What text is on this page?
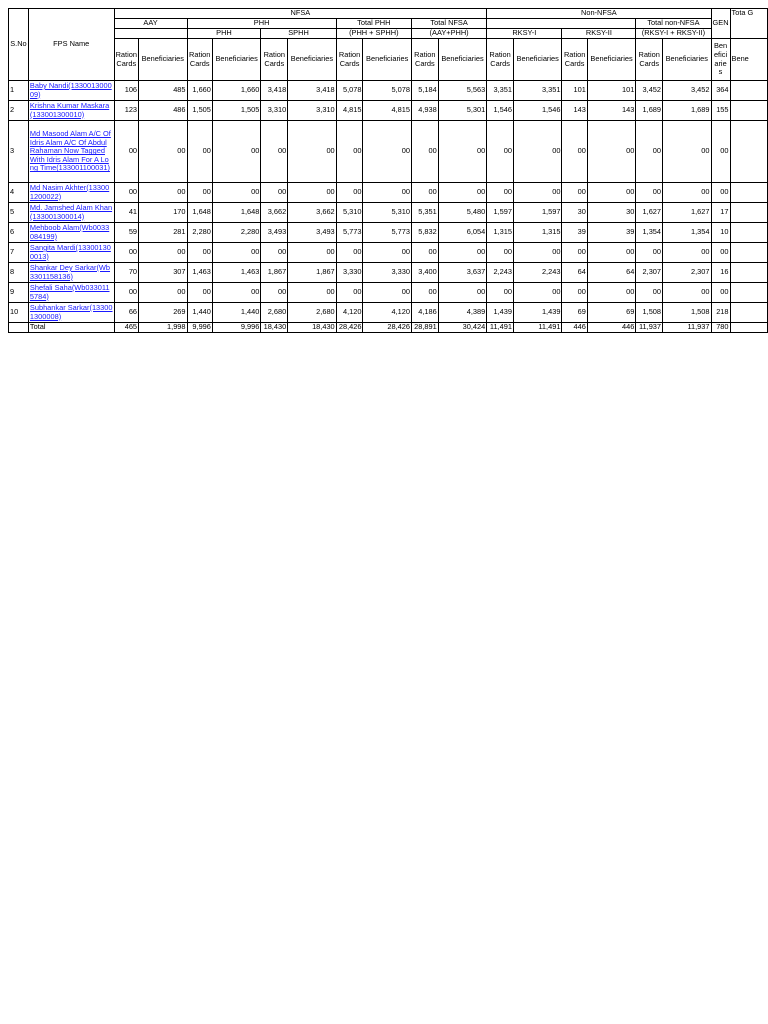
S.No	FPS Name	NFSA										Non-NFSA						GEN	Tota G
		AAY		PHH				Total PHH		Total NFSA						Total non-NFSA			
				PHH		SPHH		(PHH + SPHH)		(AAY+PHH)		RKSY-I		RKSY-II		(RKSY-I + RKSY-II)			
		Ration Cards	Beneficiaries	Ration Cards	Beneficiaries	Ration Cards	Beneficiaries	Ration Cards	Beneficiaries	Ration Cards	Beneficiaries	Ration Cards	Beneficiaries	Ration Cards	Beneficiaries	Ration Cards	Beneficiaries	Ben efici arie s	Bene
1	Baby Nandi(133001300009)	106	485	1,660	1,660	3,418	3,418	5,078	5,078	5,184	5,563	3,351	3,351	101	101	3,452	3,452	364	
2	Krishna Kumar Maskara(133001300010)	123	486	1,505	1,505	3,310	3,310	4,815	4,815	4,938	5,301	1,546	1,546	143	143	1,689	1,689	155	
3	Md Masood Alam A/C Of Idris Alam A/C Of Abdul Rahaman Now Tagged With Idris Alam For A Long Time(133001100031)	00	00	00	00	00	00	00	00	00	00	00	00	00	00	00	00	00	
4	Md Nasim Akhter(133001200022)	00	00	00	00	00	00	00	00	00	00	00	00	00	00	00	00	00	
5	Md. Jamshed Alam Khan(133001300014)	41	170	1,648	1,648	3,662	3,662	5,310	5,310	5,351	5,480	1,597	1,597	30	30	1,627	1,627	17	
6	Mehboob Alam(Wb0033084199)	59	281	2,280	2,280	3,493	3,493	5,773	5,773	5,832	6,054	1,315	1,315	39	39	1,354	1,354	10	
7	Sangita Mardi(133001300013)	00	00	00	00	00	00	00	00	00	00	00	00	00	00	00	00	00	
8	Shankar Dey Sarkar(Wb3301158136)	70	307	1,463	1,463	1,867	1,867	3,330	3,330	3,400	3,637	2,243	2,243	64	64	2,307	2,307	16	
9	Shefali Saha(Wb0330115784)	00	00	00	00	00	00	00	00	00	00	00	00	00	00	00	00	00	
10	Subhankar Sarkar(133001300008)	66	269	1,440	1,440	2,680	2,680	4,120	4,120	4,186	4,389	1,439	1,439	69	69	1,508	1,508	218	
	Total	465	1,998	9,996	9,996	18,430	18,430	28,426	28,426	28,891	30,424	11,491	11,491	446	446	11,937	11,937	780	
